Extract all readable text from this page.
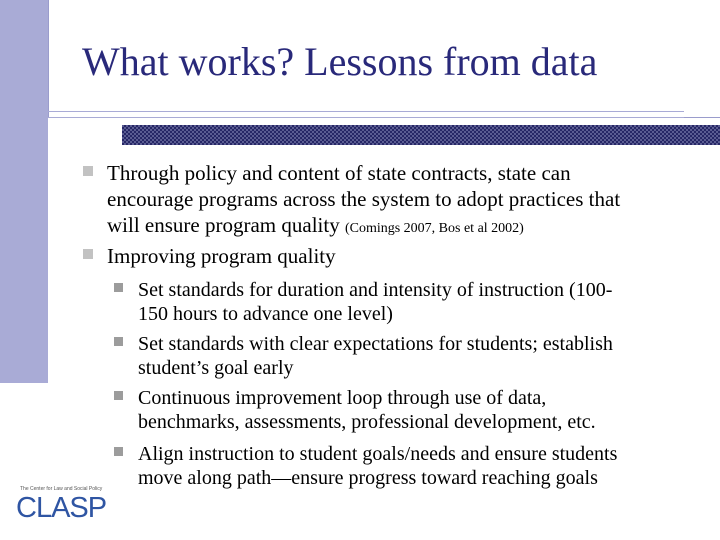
What works? Lessons from data

Through policy and content of state contracts, state can

encourage programs across the system to adopt practices that

will ensure program quality (Comings 2007, Bos et al 2002)

Improving program quality

Set standards for duration and intensity of instruction (100-

150 hours to advance one level)

Set standards with clear expectations for students; establish

student’s goal early

Continuous improvement loop through use of data,

benchmarks, assessments, professional development, etc.

Align instruction to student goals/needs and ensure students

move along path—ensure progress toward reaching goals

The Center for Law and Social Policy
CLASP
